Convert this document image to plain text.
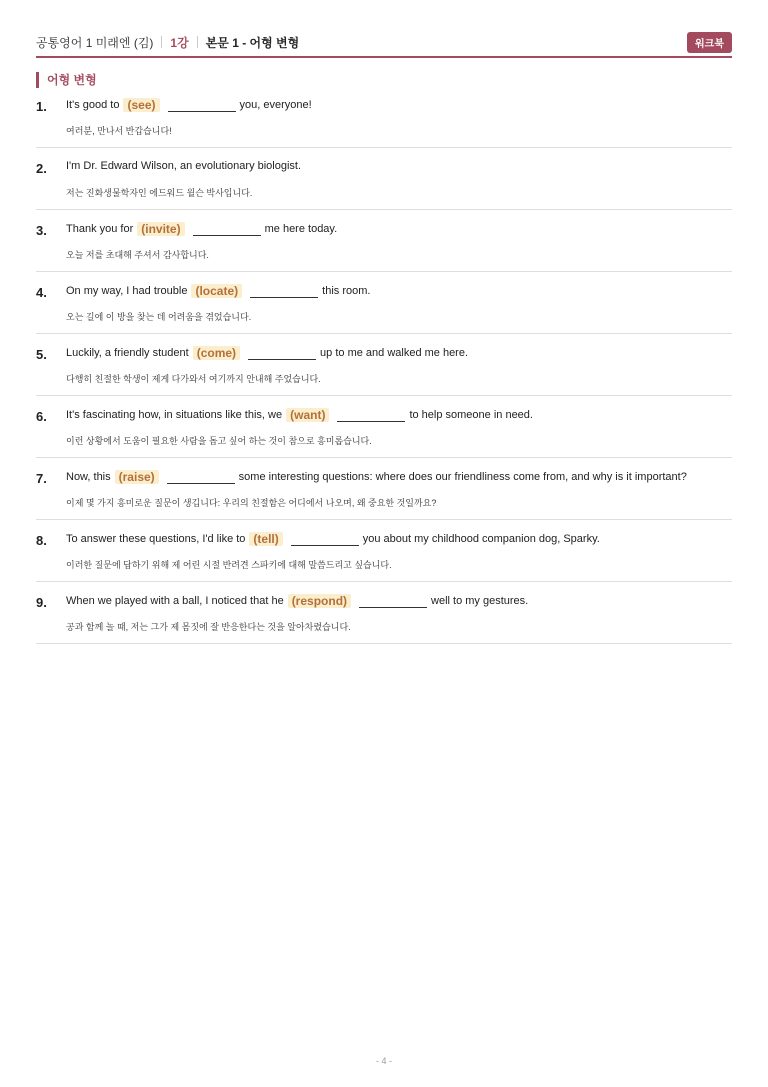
공통영어 1 미래엔 (김) 1강 본문 1 - 어형 변형	워크북
어형 변형
1. It's good to (see)	you, everyone!
여러분, 만나서 반갑습니다!
2. I'm Dr. Edward Wilson, an evolutionary biologist.
저는 진화생물학자인 에드워드 윌슨 박사입니다.
3. Thank you for (invite)	me here today.
오늘 저를 초대해 주셔서 감사합니다.
4. On my way, I had trouble (locate)	this room.
오는 길에 이 방을 찾는 데 어려움을 겪었습니다.
5. Luckily, a friendly student (come)	up to me and walked me here.
다행히 친절한 학생이 제게 다가와서 여기까지 안내해 주었습니다.
6. It's fascinating how, in situations like this, we (want)	to help someone in need.
이런 상황에서 도움이 필요한 사람을 돕고 싶어 하는 것이 참으로 흥미롭습니다.
7. Now, this (raise)	some interesting questions: where does our friendliness come from, and why is it important?
이제 몇 가지 흥미로운 질문이 생깁니다: 우리의 친절함은 어디에서 나오며, 왜 중요한 것일까요?
8. To answer these questions, I'd like to (tell)	you about my childhood companion dog, Sparky.
이러한 질문에 답하기 위해 제 어린 시절 반려견 스파키에 대해 말씀드리고 싶습니다.
9. When we played with a ball, I noticed that he (respond)	well to my gestures.
공과 함께 놀 때, 저는 그가 제 몸짓에 잘 반응한다는 것을 알아차렸습니다.
- 4 -
